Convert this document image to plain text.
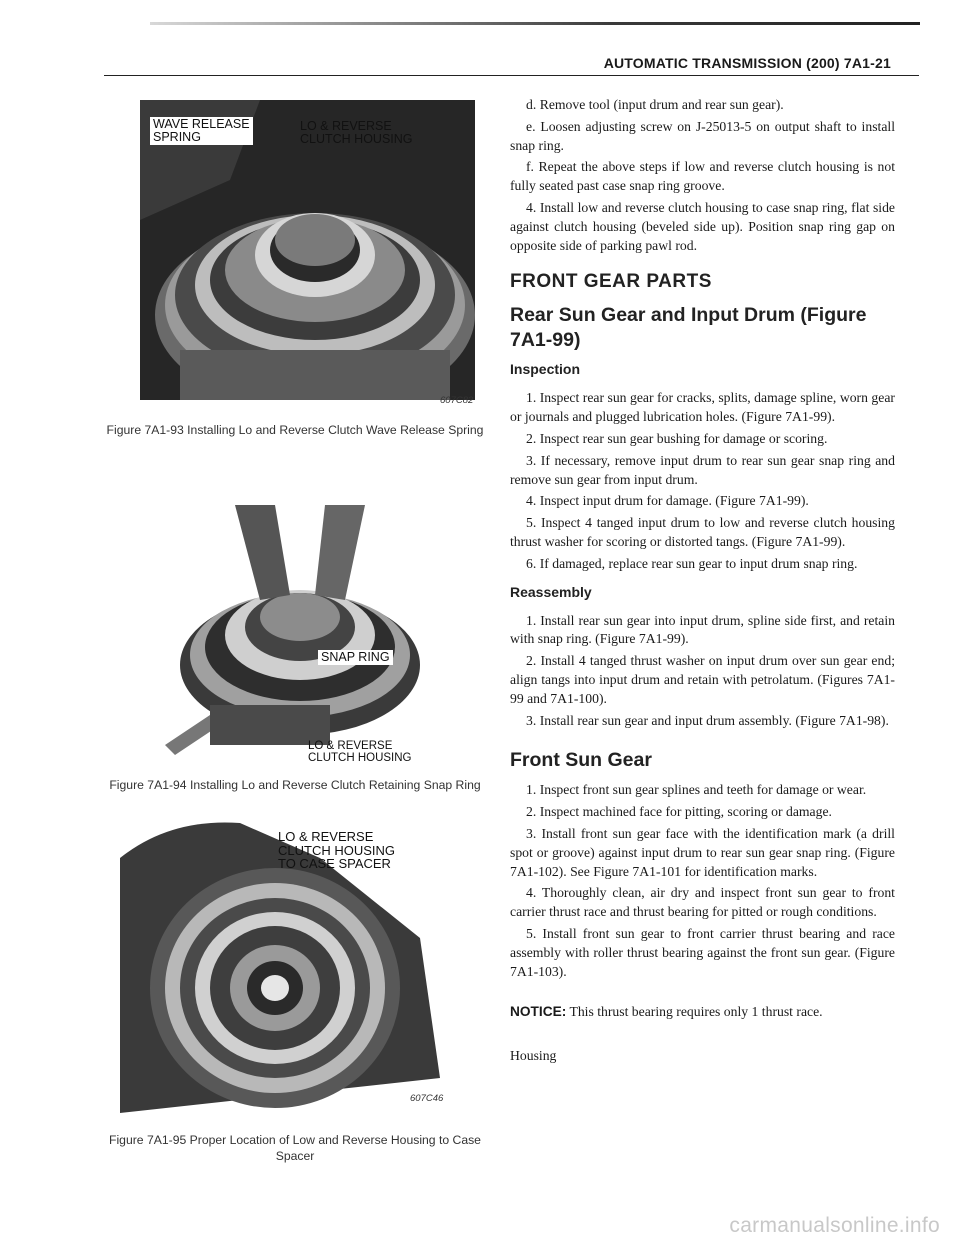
AUTOMATIC TRANSMISSION (200) 7A1-21
WAVE RELEASE
SPRING
LO & REVERSE
CLUTCH HOUSING
607C82
Figure 7A1-93 Installing Lo and Reverse Clutch Wave Release Spring
SNAP RING
LO & REVERSE
CLUTCH HOUSING
Figure 7A1-94 Installing Lo and Reverse Clutch Retaining Snap Ring
LO & REVERSE
CLUTCH HOUSING
TO CASE SPACER
607C46
Figure 7A1-95 Proper Location of Low and Reverse Housing to Case Spacer

d. Remove tool (input drum and rear sun gear).

e. Loosen adjusting screw on J-25013-5 on output shaft to install snap ring.

f. Repeat the above steps if low and reverse clutch housing is not fully seated past case snap ring groove.

4. Install low and reverse clutch housing to case snap ring, flat side against clutch housing (beveled side up). Position snap ring gap on opposite side of parking pawl rod.

FRONT GEAR PARTS
Rear Sun Gear and Input Drum (Figure 7A1-99)
Inspection

1. Inspect rear sun gear for cracks, splits, damage spline, worn gear or journals and plugged lubrication holes. (Figure 7A1-99).

2. Inspect rear sun gear bushing for damage or scoring.

3. If necessary, remove input drum to rear sun gear snap ring and remove sun gear from input drum.

4. Inspect input drum for damage. (Figure 7A1-99).

5. Inspect 4 tanged input drum to low and reverse clutch housing thrust washer for scoring or distorted tangs. (Figure 7A1-99).

6. If damaged, replace rear sun gear to input drum snap ring.

Reassembly

1. Install rear sun gear into input drum, spline side first, and retain with snap ring. (Figure 7A1-99).

2. Install 4 tanged thrust washer on input drum over sun gear end; align tangs into input drum and retain with petrolatum. (Figures 7A1-99 and 7A1-100).

3. Install rear sun gear and input drum assembly. (Figure 7A1-98).

Front Sun Gear

1. Inspect front sun gear splines and teeth for damage or wear.

2. Inspect machined face for pitting, scoring or damage.

3. Install front sun gear face with the identification mark (a drill spot or groove) against input drum to rear sun gear snap ring. (Figure 7A1-102). See Figure 7A1-101 for identification marks.

4. Thoroughly clean, air dry and inspect front sun gear to front carrier thrust race and thrust bearing for pitted or rough conditions.

5. Install front sun gear to front carrier thrust bearing and race assembly with roller thrust bearing against the front sun gear. (Figure 7A1-103).

NOTICE: This thrust bearing requires only 1 thrust race.

Housing
carmanualsonline.info
